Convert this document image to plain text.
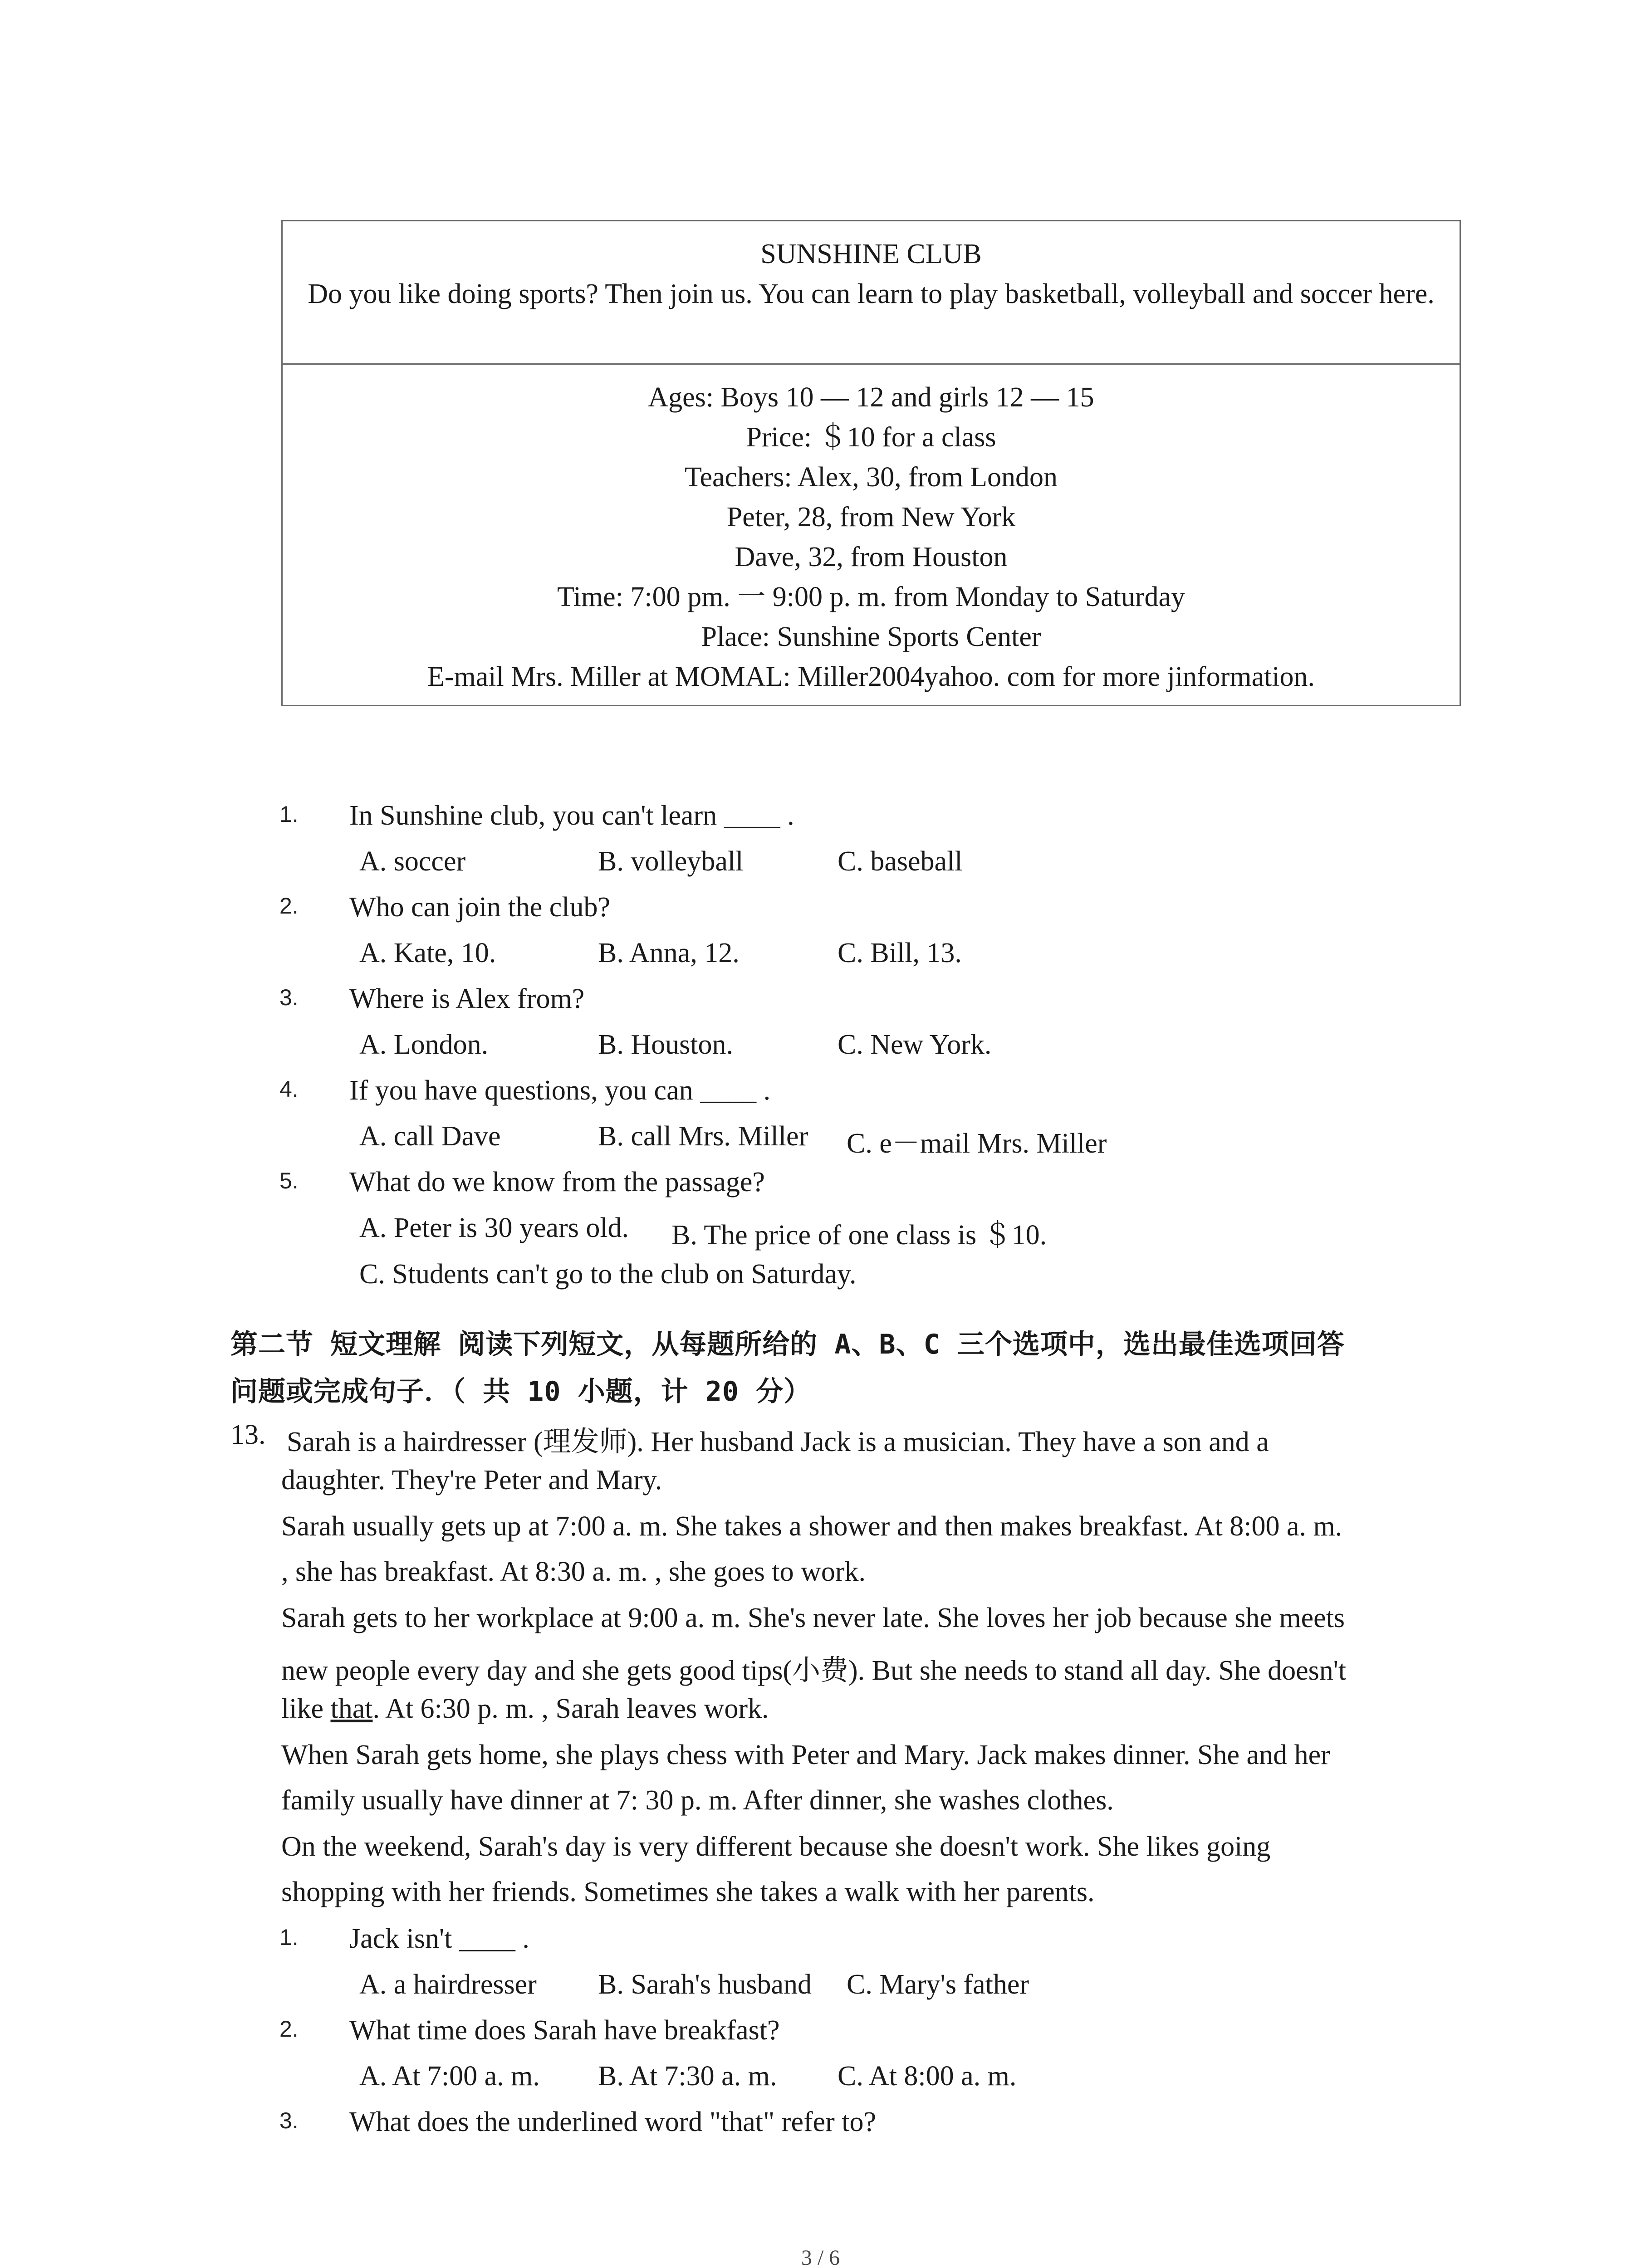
SUNSHINE CLUB
Do you like doing sports? Then join us. You can learn to play basketball, volleyball and soccer here.
Ages: Boys 10 — 12 and girls 12 — 15
Price: ＄10 for a class
Teachers: Alex, 30, from London
Peter, 28, from New York
Dave, 32, from Houston
Time: 7:00 pm. 一 9:00 p. m. from Monday to Saturday
Place: Sunshine Sports Center
E-mail Mrs. Miller at MOMAL: Miller2004yahoo. com for more jinformation.
1. In Sunshine club, you can't learn ____ .
A. soccer	B. volleyball	C. baseball
2. Who can join the club?
A. Kate, 10.	B. Anna, 12.	C. Bill, 13.
3. Where is Alex from?
A. London.	B. Houston.	C. New York.
4. If you have questions, you can ____ .
A. call Dave	B. call Mrs. Miller C. e－mail Mrs. Miller
5. What do we know from the passage?
A. Peter is 30 years old. B. The price of one class is ＄10.
C. Students can't go to the club on Saturday.
第二节 短文理解 阅读下列短文，从每题所给的 A、B、C 三个选项中，选出最佳选项回答
问题或完成句子．（ 共 10 小题，计 20 分）
13. Sarah is a hairdresser (理发师). Her husband Jack is a musician. They have a son and a
daughter. They're Peter and Mary.
Sarah usually gets up at 7:00 a. m. She takes a shower and then makes breakfast. At 8:00 a. m.
, she has breakfast. At 8:30 a. m. , she goes to work.
Sarah gets to her workplace at 9:00 a. m. She's never late. She loves her job because she meets
new people every day and she gets good tips(小费). But she needs to stand all day. She doesn't
like that. At 6:30 p. m. , Sarah leaves work.
When Sarah gets home, she plays chess with Peter and Mary. Jack makes dinner. She and her
family usually have dinner at 7: 30 p. m. After dinner, she washes clothes.
On the weekend, Sarah's day is very different because she doesn't work. She likes going
shopping with her friends. Sometimes she takes a walk with her parents.
1. Jack isn't ____ .
A. a hairdresser B. Sarah's husband C. Mary's father
2. What time does Sarah have breakfast?
A. At 7:00 a. m. B. At 7:30 a. m. C. At 8:00 a. m.
3. What does the underlined word "that" refer to?
3 / 6
